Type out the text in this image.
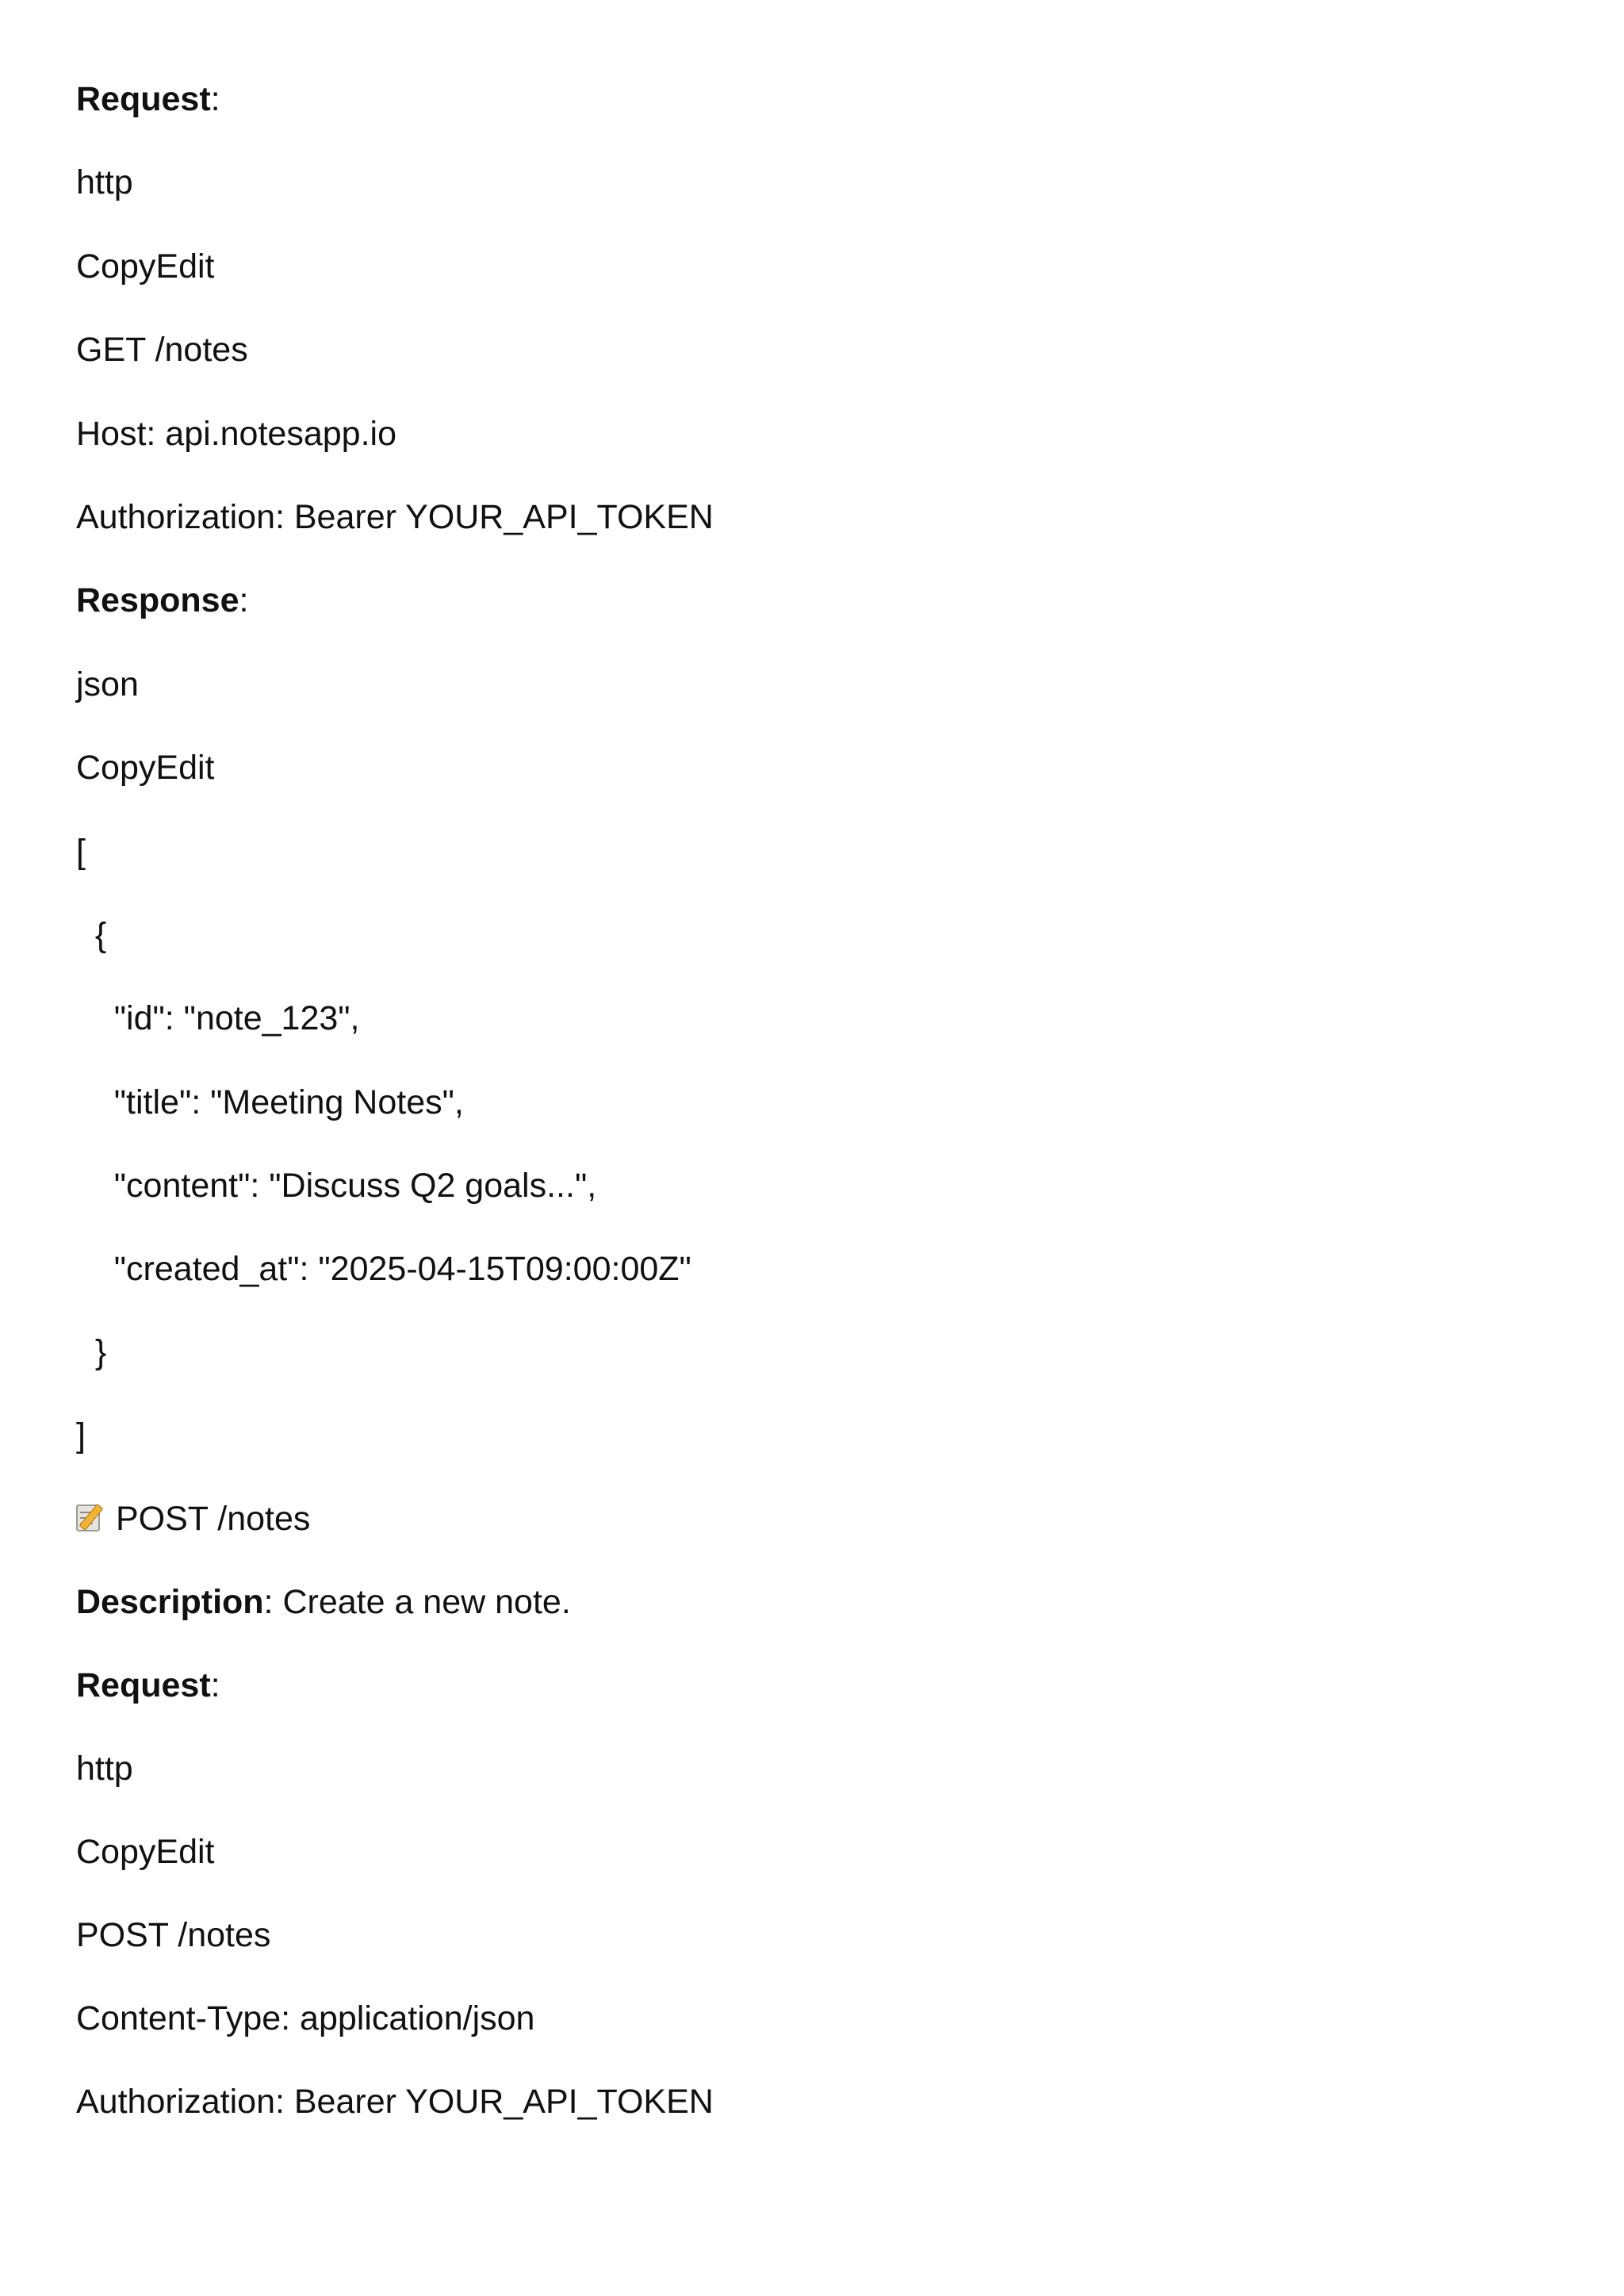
Request:
http
CopyEdit
GET /notes
Host: api.notesapp.io
Authorization: Bearer YOUR_API_TOKEN
Response:
json
CopyEdit
[
{
"id": "note_123",
"title": "Meeting Notes",
"content": "Discuss Q2 goals...",
"created_at": "2025-04-15T09:00:00Z"
}
]
POST /notes
Description: Create a new note.
Request:
http
CopyEdit
POST /notes
Content-Type: application/json
Authorization: Bearer YOUR_API_TOKEN
